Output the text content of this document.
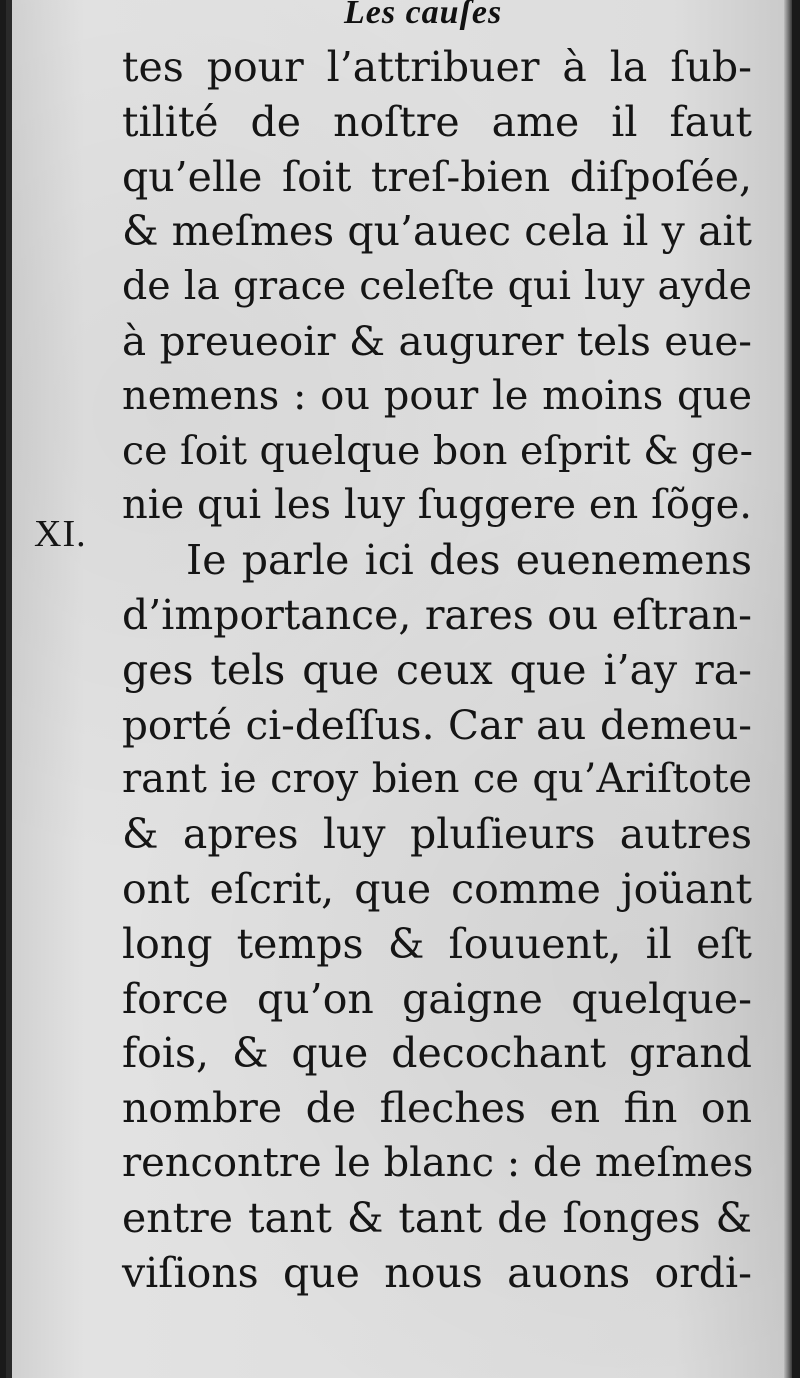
Les cauſes
XI.
tes pour l’attribuer à la ſub-
tilité de noſtre ame il faut
qu’elle ſoit treſ-bien diſpoſée,
& meſmes qu’auec cela il y ait
de la grace celeſte qui luy ayde
à preueoir & augurer tels eue-
nemens : ou pour le moins que
ce ſoit quelque bon eſprit & ge-
nie qui les luy ſuggere en ſõge.
Ie parle ici des euenemens
d’importance, rares ou eſtran-
ges tels que ceux que i’ay ra-
porté ci-deſſus. Car au demeu-
rant ie croy bien ce qu’Ariſtote
& apres luy pluſieurs autres
ont eſcrit, que comme joüant
long temps & ſouuent, il eſt
force qu’on gaigne quelque-
fois, & que decochant grand
nombre de fleches en fin on
rencontre le blanc : de meſmes
entre tant & tant de ſonges &
viſions que nous auons ordi-
